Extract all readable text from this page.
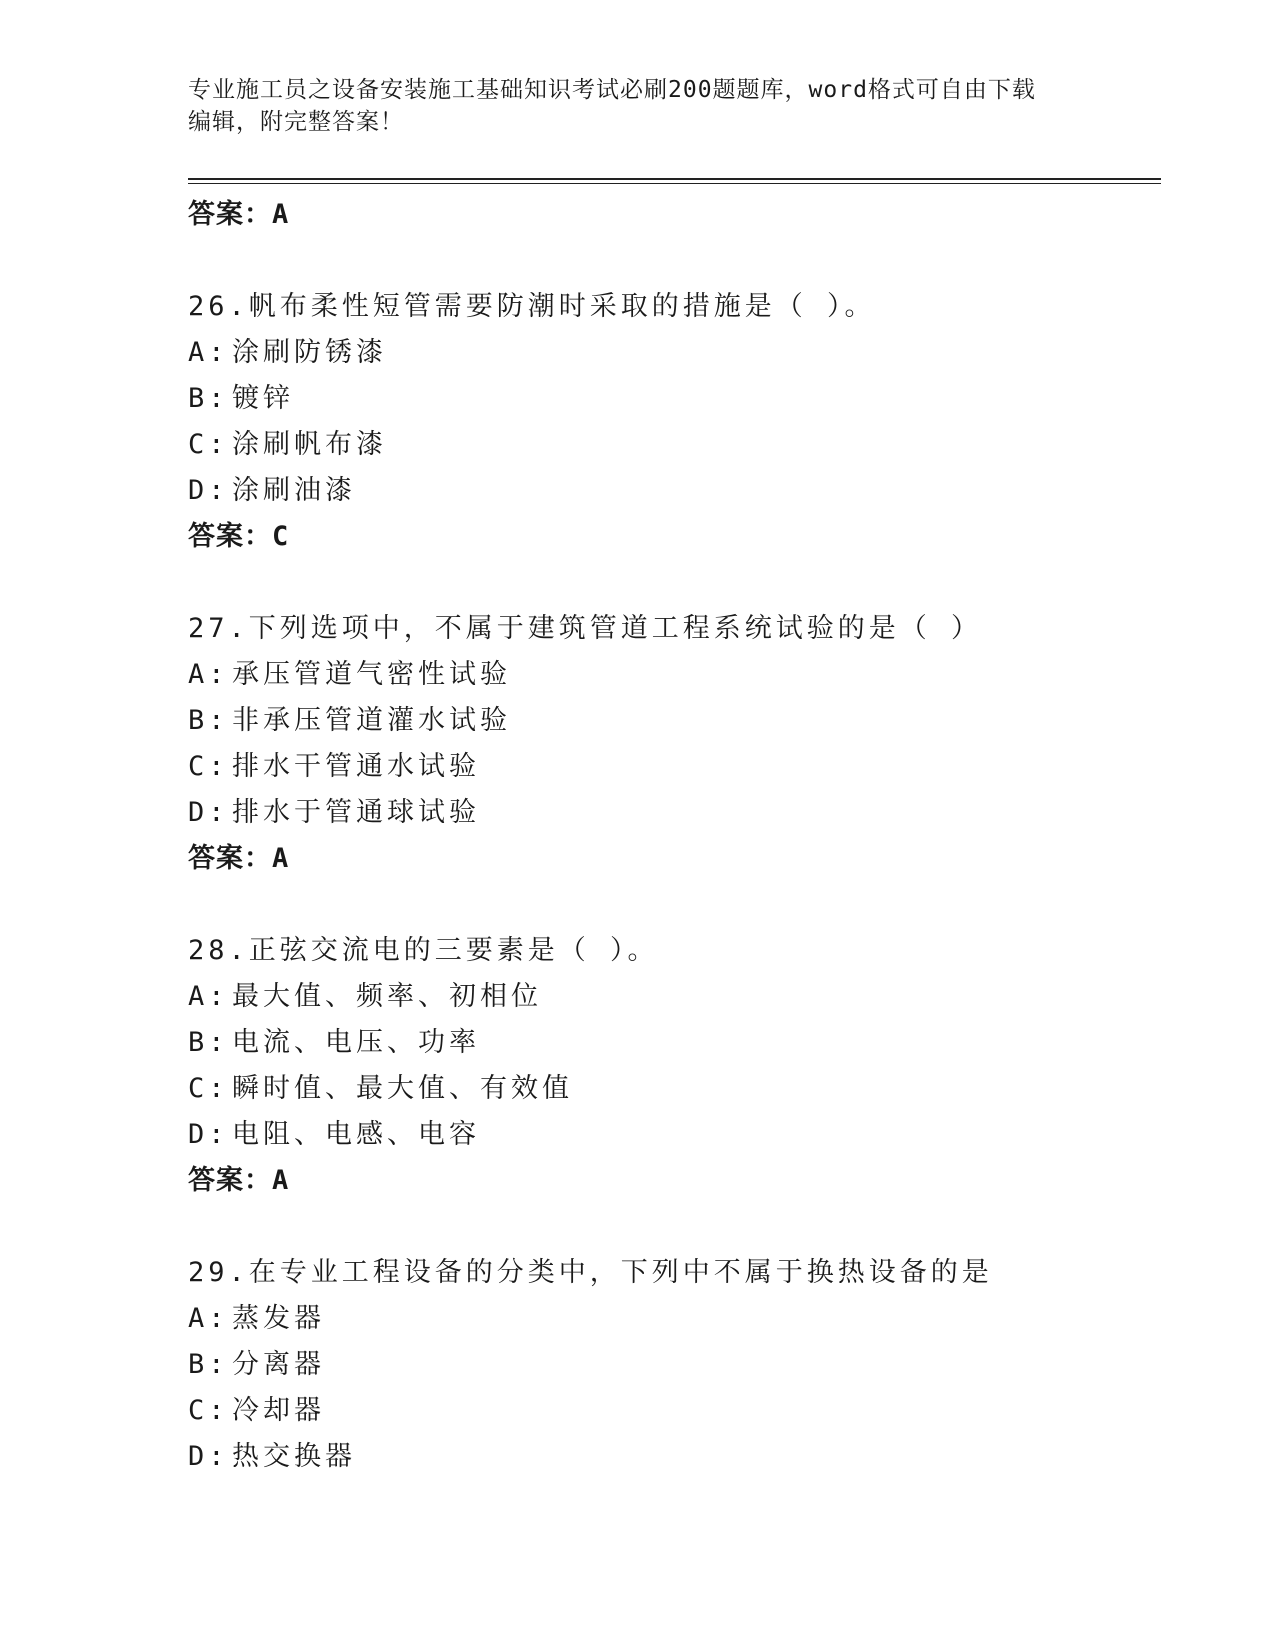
专业施工员之设备安装施工基础知识考试必刷200题题库，word格式可自由下载
编辑，附完整答案！
答案：A
26.帆布柔性短管需要防潮时采取的措施是（ ）。
A: 涂刷防锈漆
B: 镀锌
C: 涂刷帆布漆
D: 涂刷油漆
答案：C
27.下列选项中，不属于建筑管道工程系统试验的是（ ）
A: 承压管道气密性试验
B: 非承压管道灌水试验
C: 排水干管通水试验
D: 排水于管通球试验
答案：A
28.正弦交流电的三要素是（ ）。
A: 最大值、频率、初相位
B: 电流、电压、功率
C: 瞬时值、最大值、有效值
D: 电阻、电感、电容
答案：A
29.在专业工程设备的分类中，下列中不属于换热设备的是
A: 蒸发器
B: 分离器
C: 冷却器
D: 热交换器
